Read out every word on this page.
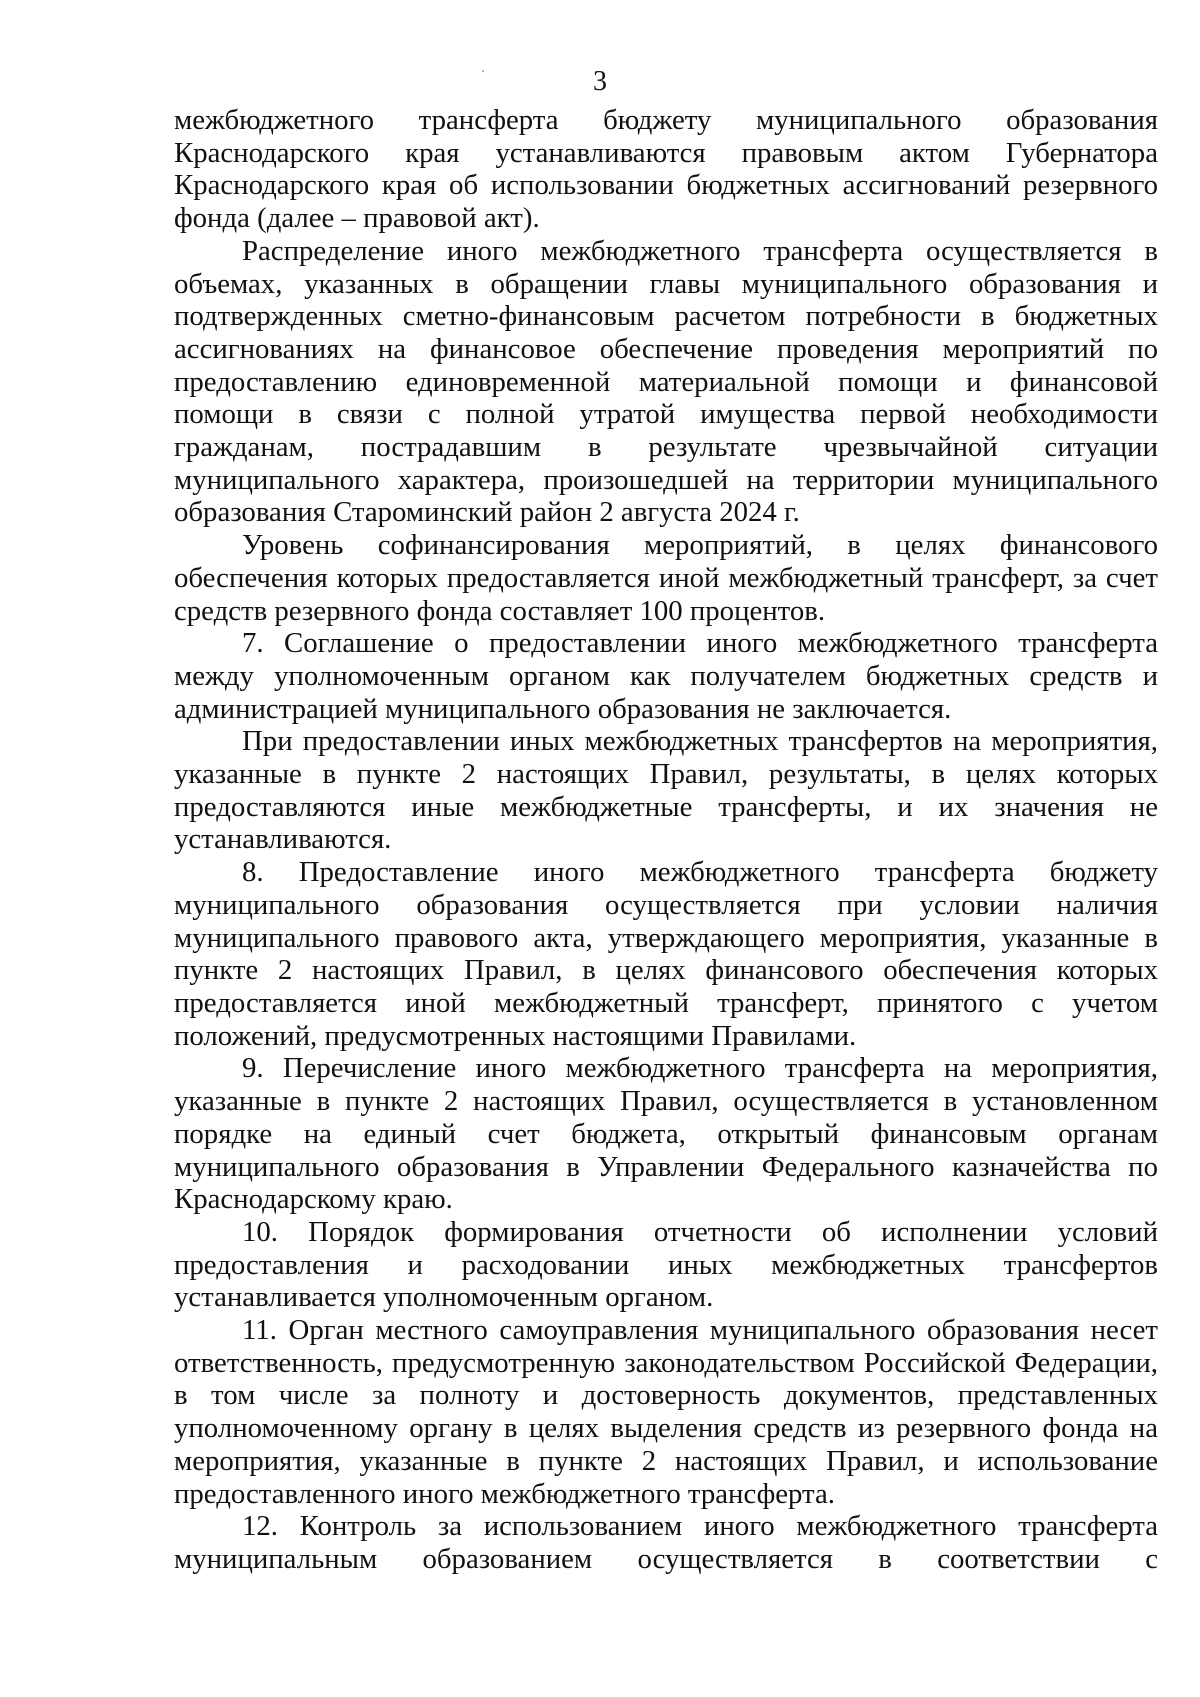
3

межбюджетного трансферта бюджету муниципального образования Краснодарского края устанавливаются правовым актом Губернатора Краснодарского края об использовании бюджетных ассигнований резервного фонда (далее – правовой акт).

Распределение иного межбюджетного трансферта осуществляется в объемах, указанных в обращении главы муниципального образования и подтвержденных сметно-финансовым расчетом потребности в бюджетных ассигнованиях на финансовое обеспечение проведения мероприятий по предоставлению единовременной материальной помощи и финансовой помощи в связи с полной утратой имущества первой необходимости гражданам, пострадавшим в результате чрезвычайной ситуации муниципального характера, произошедшей на территории муниципального образования Староминский район 2 августа 2024 г.

Уровень софинансирования мероприятий, в целях финансового обеспечения которых предоставляется иной межбюджетный трансферт, за счет средств резервного фонда составляет 100 процентов.

7. Соглашение о предоставлении иного межбюджетного трансферта между уполномоченным органом как получателем бюджетных средств и администрацией муниципального образования не заключается.

При предоставлении иных межбюджетных трансфертов на мероприятия, указанные в пункте 2 настоящих Правил, результаты, в целях которых предоставляются иные межбюджетные трансферты, и их значения не устанавливаются.

8. Предоставление иного межбюджетного трансферта бюджету муниципального образования осуществляется при условии наличия муниципального правового акта, утверждающего мероприятия, указанные в пункте 2 настоящих Правил, в целях финансового обеспечения которых предоставляется иной межбюджетный трансферт, принятого с учетом положений, предусмотренных настоящими Правилами.

9. Перечисление иного межбюджетного трансферта на мероприятия, указанные в пункте 2 настоящих Правил, осуществляется в установленном порядке на единый счет бюджета, открытый финансовым органам муниципального образования в Управлении Федерального казначейства по Краснодарскому краю.

10. Порядок формирования отчетности об исполнении условий предоставления и расходовании иных межбюджетных трансфертов устанавливается уполномоченным органом.

11. Орган местного самоуправления муниципального образования несет ответственность, предусмотренную законодательством Российской Федерации, в том числе за полноту и достоверность документов, представленных уполномоченному органу в целях выделения средств из резервного фонда на мероприятия, указанные в пункте 2 настоящих Правил, и использование предоставленного иного межбюджетного трансферта.

12. Контроль за использованием иного межбюджетного трансферта муниципальным образованием осуществляется в соответствии с
